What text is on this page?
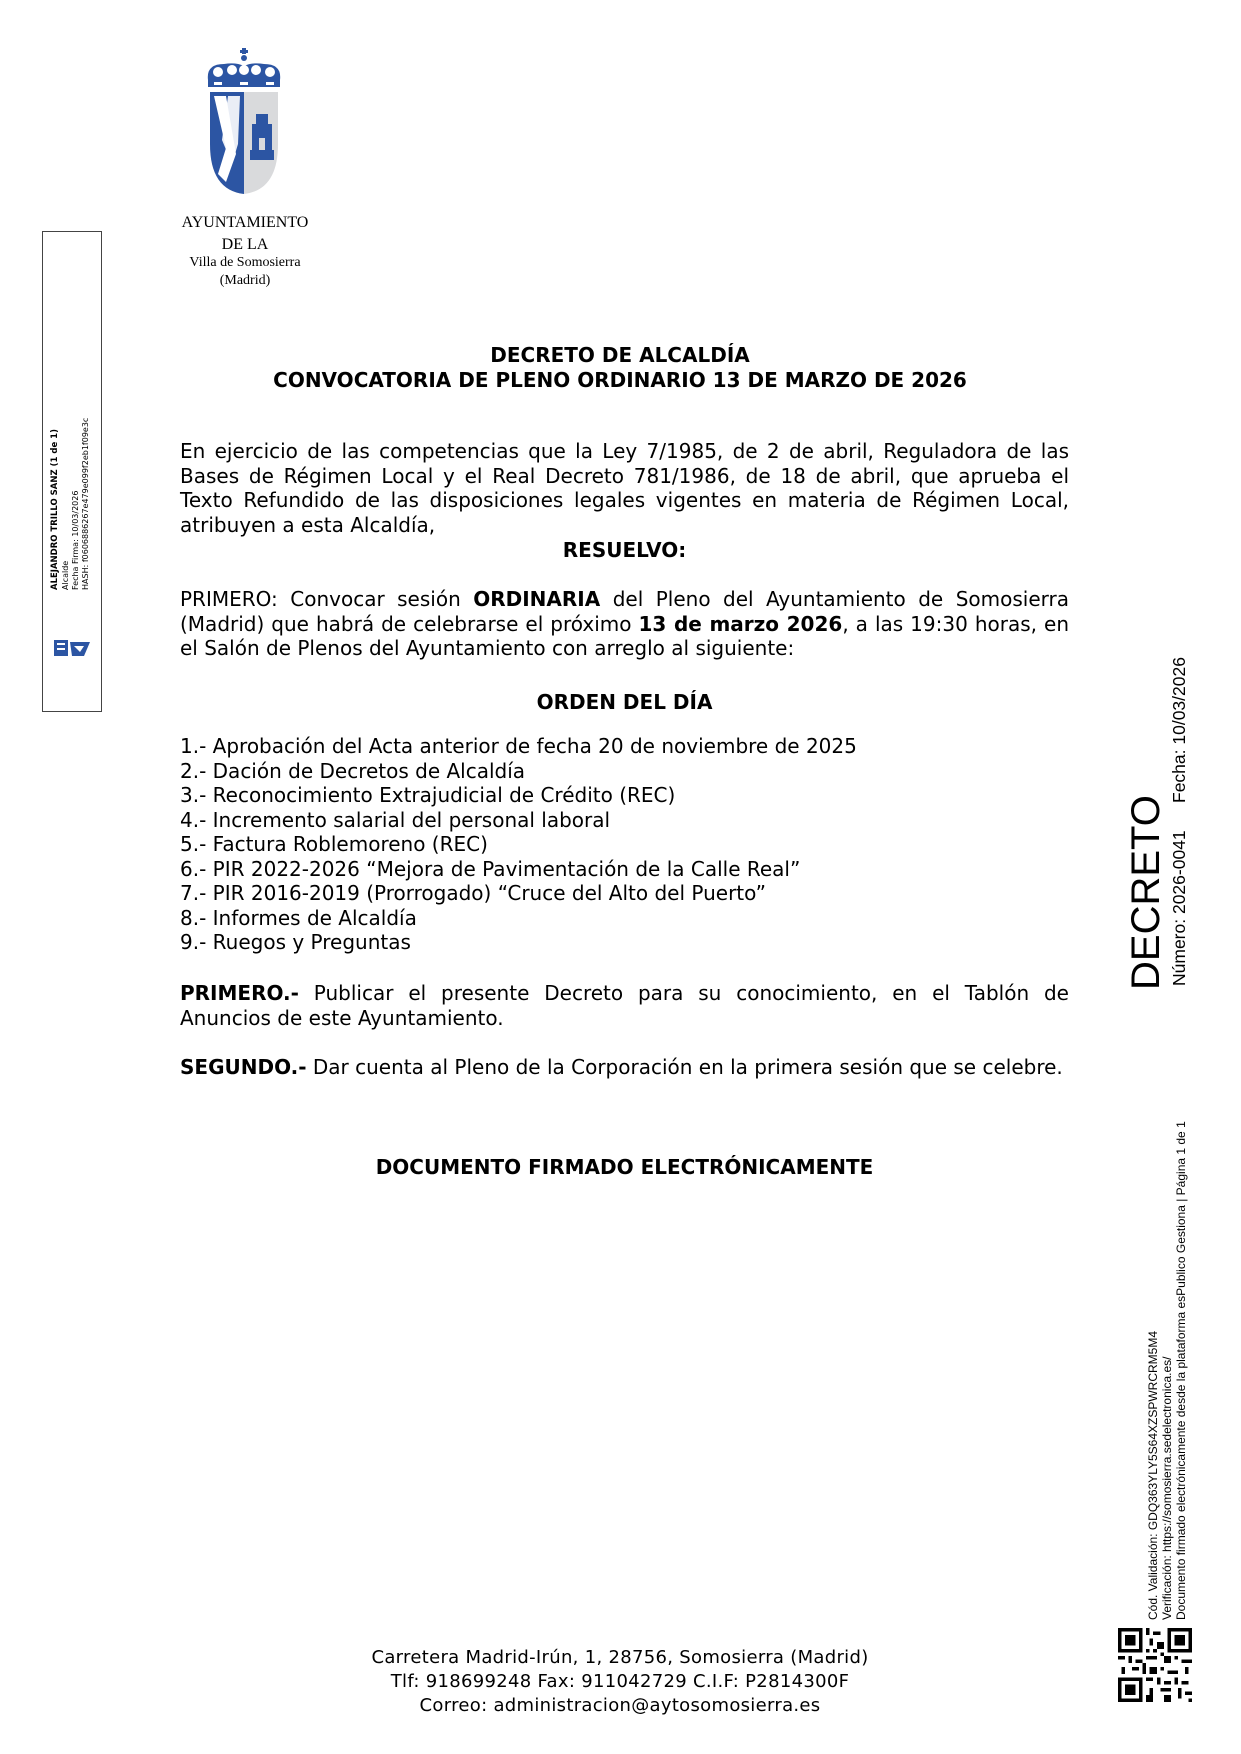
AYUNTAMIENTO
DE LA
Villa de Somosierra
(Madrid)
ALEJANDRO TRILLO SANZ (1 de 1) Alcalde Fecha Firma: 10/03/2026 HASH: f0606886267e479e099f2eb1f09e3c
DECRETO DE ALCALDÍA
CONVOCATORIA DE PLENO ORDINARIO 13 DE MARZO DE 2026

En ejercicio de las competencias que la Ley 7/1985, de 2 de abril, Reguladora de las Bases de Régimen Local y el Real Decreto 781/1986, de 18 de abril, que aprueba el Texto Refundido de las disposiciones legales vigentes en materia de Régimen Local, atribuyen a esta Alcaldía,

RESUELVO:

PRIMERO: Convocar sesión ORDINARIA del Pleno del Ayuntamiento de Somosierra (Madrid) que habrá de celebrarse el próximo 13 de marzo 2026, a las 19:30 horas, en el Salón de Plenos del Ayuntamiento con arreglo al siguiente:

ORDEN DEL DÍA
1.- Aprobación del Acta anterior de fecha 20 de noviembre de 2025
2.- Dación de Decretos de Alcaldía
3.- Reconocimiento Extrajudicial de Crédito (REC)
4.- Incremento salarial del personal laboral
5.- Factura Roblemoreno (REC)
6.- PIR 2022-2026 “Mejora de Pavimentación de la Calle Real”
7.- PIR 2016-2019 (Prorrogado) “Cruce del Alto del Puerto”
8.- Informes de Alcaldía
9.- Ruegos y Preguntas

PRIMERO.- Publicar el presente Decreto para su conocimiento, en el Tablón de Anuncios de este Ayuntamiento.

SEGUNDO.- Dar cuenta al Pleno de la Corporación en la primera sesión que se celebre.

DOCUMENTO FIRMADO ELECTRÓNICAMENTE
Carretera Madrid-Irún, 1, 28756, Somosierra (Madrid)
Tlf: 918699248 Fax: 911042729 C.I.F: P2814300F
Correo: administracion@aytosomosierra.es
DECRETO Número: 2026-0041
Fecha: 10/03/2026
Cód. Validación: GDQ363YLY5S64XZSPWRCRM5M4 Verificación: https://somosierra.sedelectronica.es/ Documento firmado electrónicamente desde la plataforma esPublico Gestiona | Página 1 de 1
